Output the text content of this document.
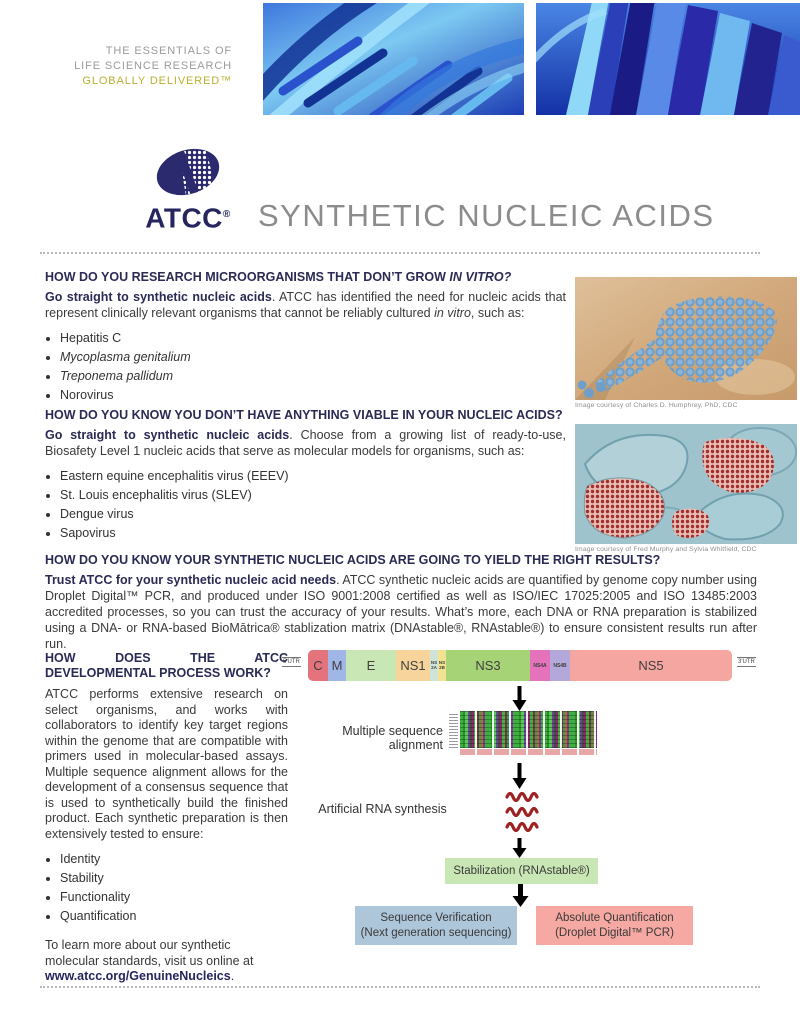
THE ESSENTIALS OF
LIFE SCIENCE RESEARCH
GLOBALLY DELIVERED™
ATCC® SYNTHETIC NUCLEIC ACIDS
HOW DO YOU RESEARCH MICROORGANISMS THAT DON’T GROW IN VITRO?

Go straight to synthetic nucleic acids. ATCC has identified the need for nucleic acids that represent clinically relevant organisms that cannot be reliably cultured in vitro, such as:

• Hepatitis C
• Mycoplasma genitalium
• Treponema pallidum
• Norovirus
Image courtesy of Charles D. Humphrey, PhD, CDC
Image courtesy of Fred Murphy and Sylvia Whitfield, CDC
HOW DO YOU KNOW YOU DON’T HAVE ANYTHING VIABLE IN YOUR NUCLEIC ACIDS?

Go straight to synthetic nucleic acids. Choose from a growing list of ready-to-use, Biosafety Level 1 nucleic acids that serve as molecular models for organisms, such as:

• Eastern equine encephalitis virus (EEEV)
• St. Louis encephalitis virus (SLEV)
• Dengue virus
• Sapovirus
HOW DO YOU KNOW YOUR SYNTHETIC NUCLEIC ACIDS ARE GOING TO YIELD THE RIGHT RESULTS?

Trust ATCC for your synthetic nucleic acid needs. ATCC synthetic nucleic acids are quantified by genome copy number using Droplet Digital™ PCR, and produced under ISO 9001:2008 certified as well as ISO/IEC 17025:2005 and ISO 13485:2003 accredited processes, so you can trust the accuracy of your results. What’s more, each DNA or RNA preparation is stabilized using a DNA- or RNA-based BioMātrica® stablization matrix (DNAstable®, RNAstable®) to ensure consistent results run after run.

HOW DOES THE ATCC DEVELOPMENTAL PROCESS WORK?

ATCC performs extensive research on select organisms, and works with collaborators to identify key target regions within the genome that are compatible with primers used in molecular-based assays. Multiple sequence alignment allows for the development of a consensus sequence that is used to synthetically build the finished product. Each synthetic preparation is then extensively tested to ensure:

• Identity
• Stability
• Functionality
• Quantification

To learn more about our synthetic molecular standards, visit us online at www.atcc.org/GenuineNucleics.

5'UTR	C M	E	NS1	NS2A
NS2B	NS3	NS4A	NS4B	NS5	3'UTR
Multiple sequence alignment
Artificial RNA synthesis
Stabilization (RNAstable®)
Sequence Verification
(Next generation sequencing)
Absolute Quantification
(Droplet Digital™ PCR)
